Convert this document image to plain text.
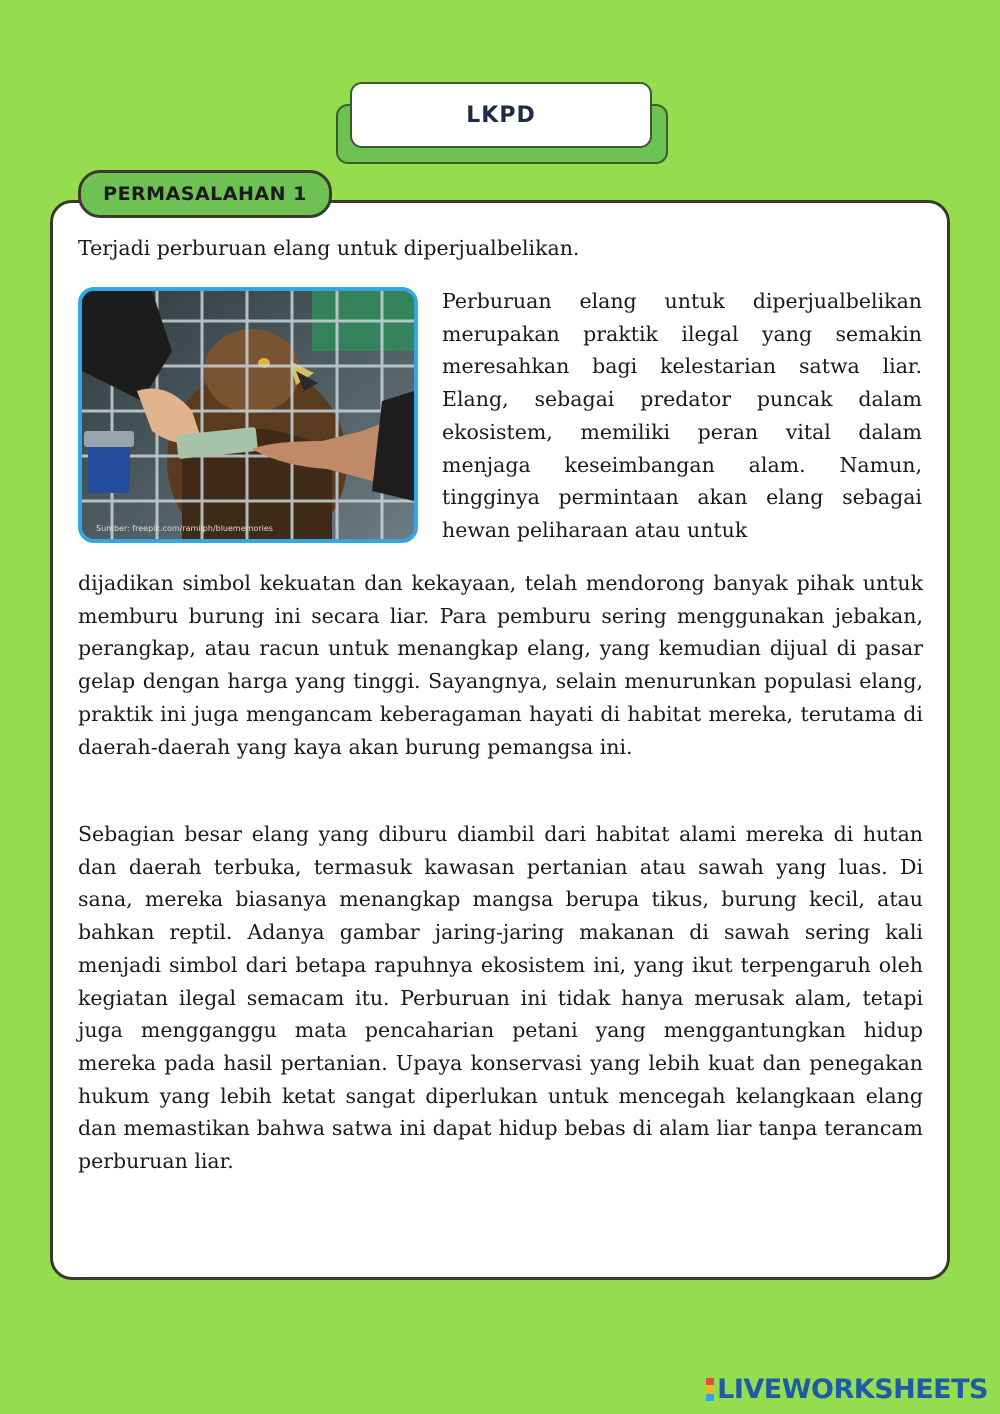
LKPD
PERMASALAHAN 1
Terjadi perburuan elang untuk diperjualbelikan.
Sumber: freepik.com/ramilph/bluememories
Perburuan elang untuk diperjualbelikan merupakan praktik ilegal yang semakin meresahkan bagi kelestarian satwa liar. Elang, sebagai predator puncak dalam ekosistem, memiliki peran vital dalam menjaga keseimbangan alam. Namun, tingginya permintaan akan elang sebagai hewan peliharaan atau untuk
dijadikan simbol kekuatan dan kekayaan, telah mendorong banyak pihak untuk memburu burung ini secara liar. Para pemburu sering menggunakan jebakan, perangkap, atau racun untuk menangkap elang, yang kemudian dijual di pasar gelap dengan harga yang tinggi. Sayangnya, selain menurunkan populasi elang, praktik ini juga mengancam keberagaman hayati di habitat mereka, terutama di daerah-daerah yang kaya akan burung pemangsa ini.
Sebagian besar elang yang diburu diambil dari habitat alami mereka di hutan dan daerah terbuka, termasuk kawasan pertanian atau sawah yang luas. Di sana, mereka biasanya menangkap mangsa berupa tikus, burung kecil, atau bahkan reptil. Adanya gambar jaring-jaring makanan di sawah sering kali menjadi simbol dari betapa rapuhnya ekosistem ini, yang ikut terpengaruh oleh kegiatan ilegal semacam itu. Perburuan ini tidak hanya merusak alam, tetapi juga mengganggu mata pencaharian petani yang menggantungkan hidup mereka pada hasil pertanian. Upaya konservasi yang lebih kuat dan penegakan hukum yang lebih ketat sangat diperlukan untuk mencegah kelangkaan elang dan memastikan bahwa satwa ini dapat hidup bebas di alam liar tanpa terancam perburuan liar.
LIVEWORKSHEETS
